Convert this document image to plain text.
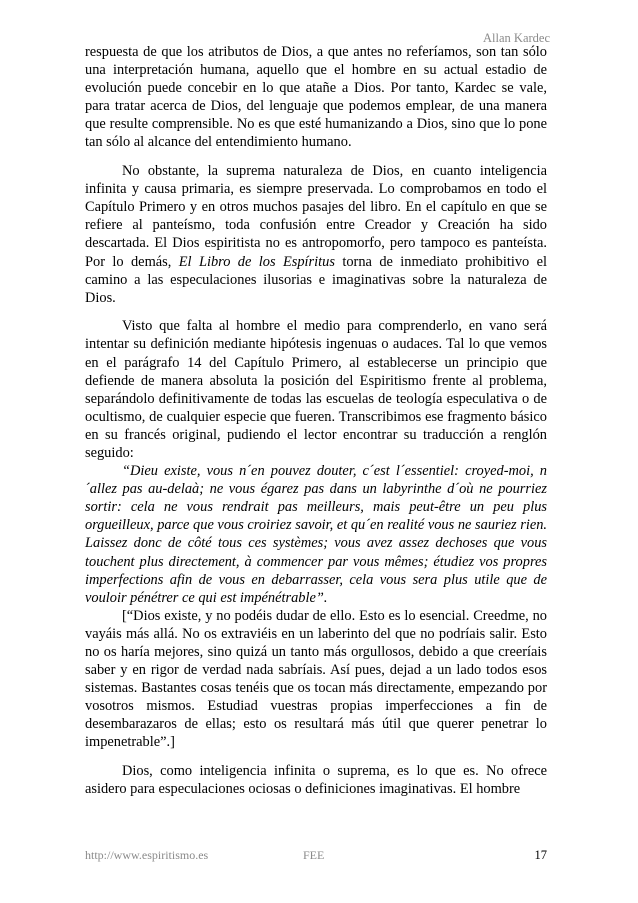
Allan Kardec

respuesta de que los atributos de Dios, a que antes no referíamos, son tan sólo una interpretación humana, aquello que el hombre en su actual estadio de evolución puede concebir en lo que atañe a Dios. Por tanto, Kardec se vale, para tratar acerca de Dios, del lenguaje que podemos emplear, de una manera que resulte comprensible. No es que esté humanizando a Dios, sino que lo pone tan sólo al alcance del entendimiento humano.

No obstante, la suprema naturaleza de Dios, en cuanto inteligencia infinita y causa primaria, es siempre preservada. Lo comprobamos en todo el Capítulo Primero y en otros muchos pasajes del libro. En el capítulo en que se refiere al panteísmo, toda confusión entre Creador y Creación ha sido descartada. El Dios espiritista no es antropomorfo, pero tampoco es panteísta. Por lo demás, El Libro de los Espíritus torna de inmediato prohibitivo el camino a las especulaciones ilusorias e imaginativas sobre la naturaleza de Dios.

Visto que falta al hombre el medio para comprenderlo, en vano será intentar su definición mediante hipótesis ingenuas o audaces. Tal lo que vemos en el parágrafo 14 del Capítulo Primero, al establecerse un principio que defiende de manera absoluta la posición del Espiritismo frente al problema, separándolo definitivamente de todas las escuelas de teología especulativa o de ocultismo, de cualquier especie que fueren. Transcribimos ese fragmento básico en su francés original, pudiendo el lector encontrar su traducción a renglón seguido:

“Dieu existe, vous n´en pouvez douter, c´est l´essentiel: croyed-moi, n´allez pas au-delaà; ne vous égarez pas dans un labyrinthe d´où ne pourriez sortir: cela ne vous rendrait pas meilleurs, mais peut-être un peu plus orgueilleux, parce que vous croiriez savoir, et qu´en realité vous ne sauriez rien. Laissez donc de côté tous ces systèmes; vous avez assez dechoses que vous touchent plus directement, à commencer par vous mêmes; étudiez vos propres imperfections afin de vous en debarrasser, cela vous sera plus utile que de vouloir pénétrer ce qui est impénétrable”.

[“Dios existe, y no podéis dudar de ello. Esto es lo esencial. Creedme, no vayáis más allá. No os extraviéis en un laberinto del que no podríais salir. Esto no os haría mejores, sino quizá un tanto más orgullosos, debido a que creeríais saber y en rigor de verdad nada sabríais. Así pues, dejad a un lado todos esos sistemas. Bastantes cosas tenéis que os tocan más directamente, empezando por vosotros mismos. Estudiad vuestras propias imperfecciones a fin de desembarazaros de ellas; esto os resultará más útil que querer penetrar lo impenetrable”.]

Dios, como inteligencia infinita o suprema, es lo que es. No ofrece asidero para especulaciones ociosas o definiciones imaginativas. El hombre

http://www.espiritismo.es	FEE	17
